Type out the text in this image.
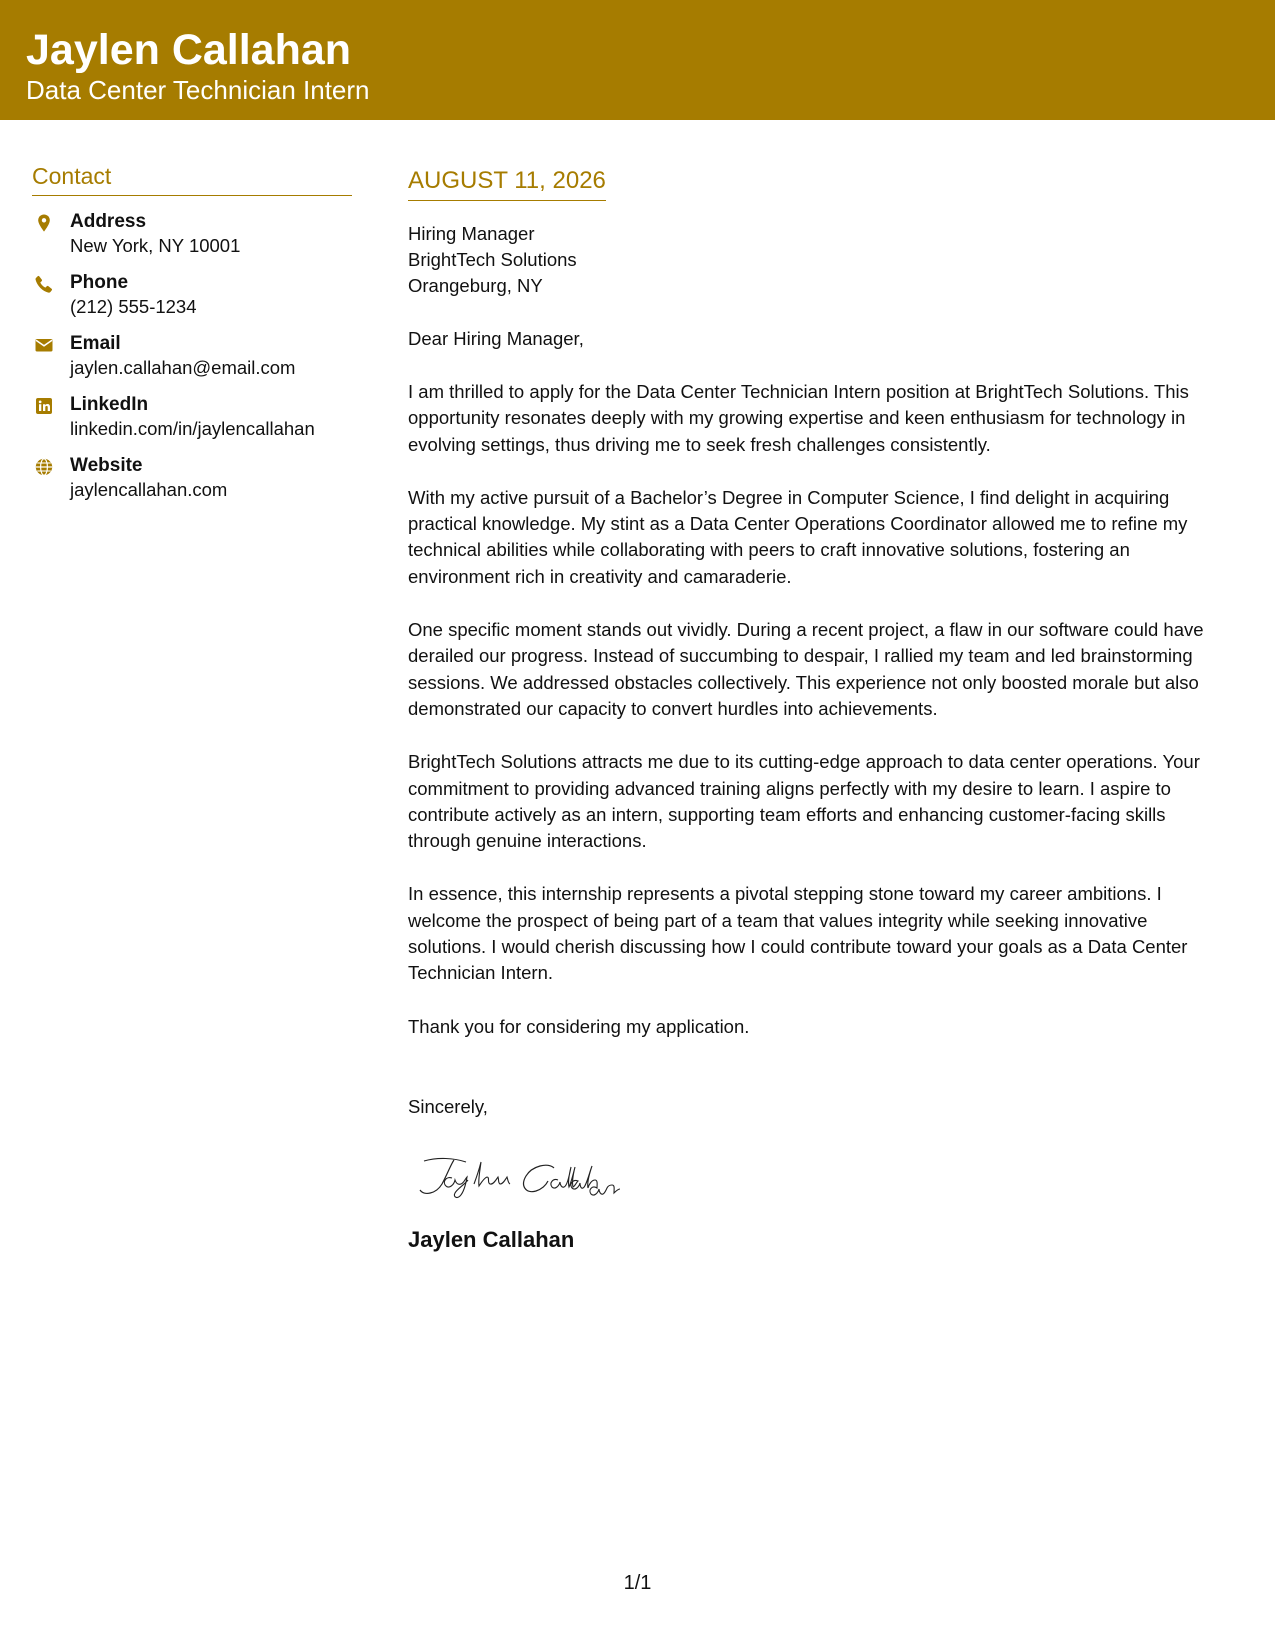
Jaylen Callahan
Data Center Technician Intern
Contact
Address
New York, NY 10001
Phone
(212) 555-1234
Email
jaylen.callahan@email.com
LinkedIn
linkedin.com/in/jaylencallahan
Website
jaylencallahan.com
AUGUST 11, 2026
Hiring Manager
BrightTech Solutions
Orangeburg, NY
Dear Hiring Manager,
I am thrilled to apply for the Data Center Technician Intern position at BrightTech Solutions. This opportunity resonates deeply with my growing expertise and keen enthusiasm for technology in evolving settings, thus driving me to seek fresh challenges consistently.
With my active pursuit of a Bachelor’s Degree in Computer Science, I find delight in acquiring practical knowledge. My stint as a Data Center Operations Coordinator allowed me to refine my technical abilities while collaborating with peers to craft innovative solutions, fostering an environment rich in creativity and camaraderie.
One specific moment stands out vividly. During a recent project, a flaw in our software could have derailed our progress. Instead of succumbing to despair, I rallied my team and led brainstorming sessions. We addressed obstacles collectively. This experience not only boosted morale but also demonstrated our capacity to convert hurdles into achievements.
BrightTech Solutions attracts me due to its cutting-edge approach to data center operations. Your commitment to providing advanced training aligns perfectly with my desire to learn. I aspire to contribute actively as an intern, supporting team efforts and enhancing customer-facing skills through genuine interactions.
In essence, this internship represents a pivotal stepping stone toward my career ambitions. I welcome the prospect of being part of a team that values integrity while seeking innovative solutions. I would cherish discussing how I could contribute toward your goals as a Data Center Technician Intern.
Thank you for considering my application.
Sincerely,
Jaylen Callahan
1/1
